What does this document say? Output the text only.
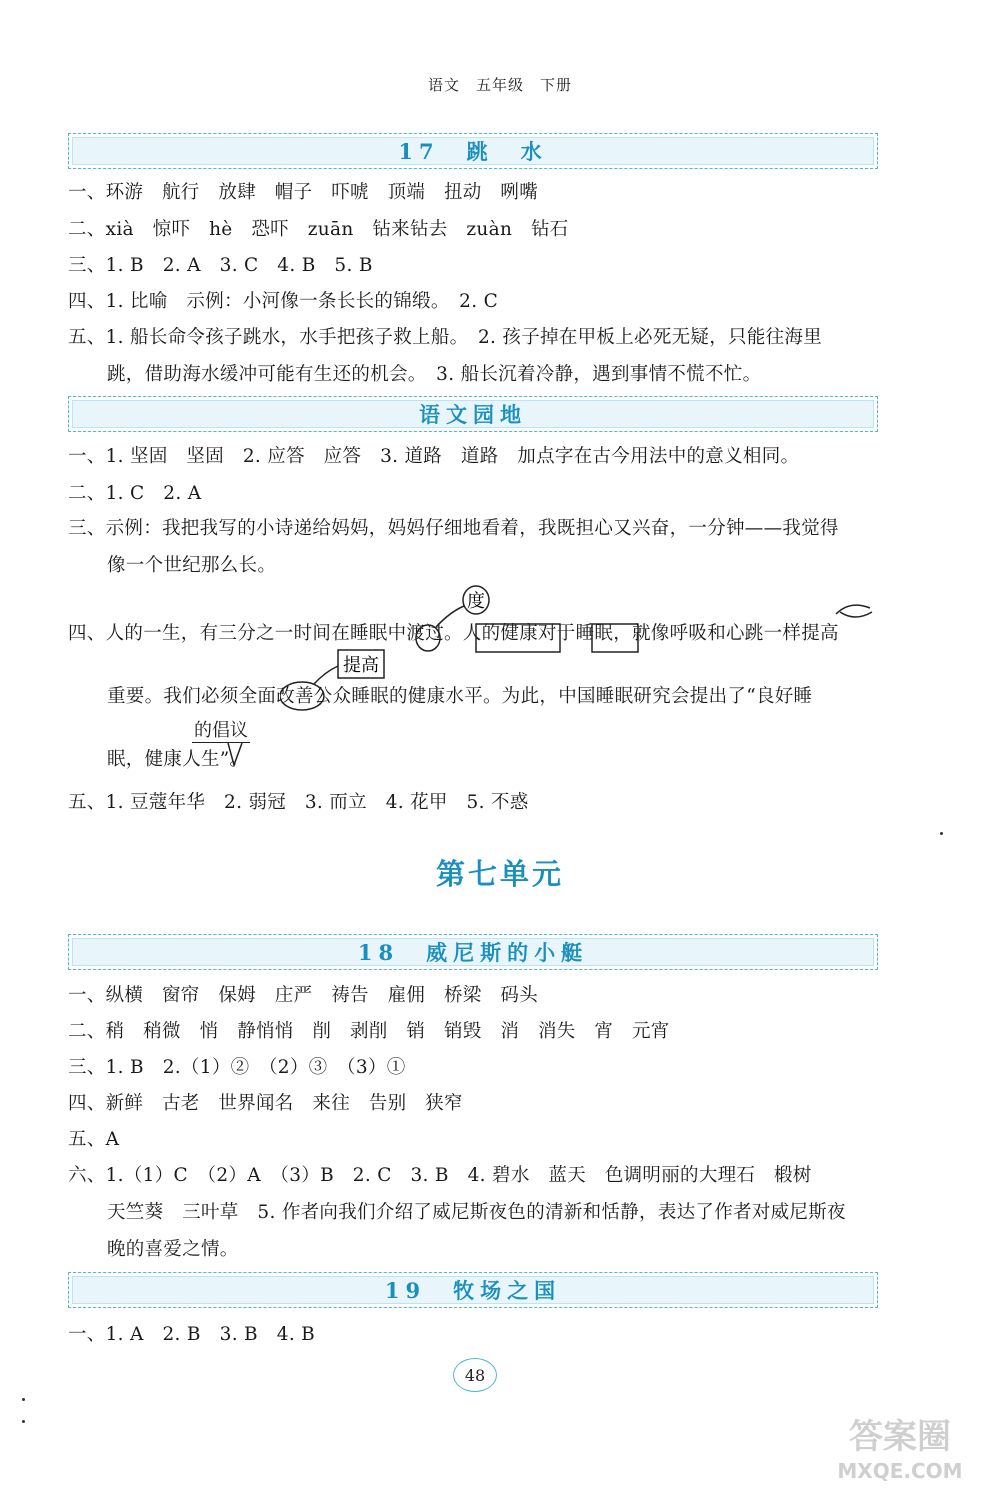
语文　五年级　下册
17　跳　水
一、环游　航行　放肆　帽子　吓唬　顶端　扭动　咧嘴
二、xià　惊吓　hè　恐吓　zuān　钻来钻去　zuàn　钻石
三、1. B　2. A　3. C　4. B　5. B
四、1. 比喻　示例：小河像一条长长的锦缎。　2. C
五、1. 船长命令孩子跳水，水手把孩子救上船。　2. 孩子掉在甲板上必死无疑，只能往海里
跳，借助海水缓冲可能有生还的机会。　3. 船长沉着冷静，遇到事情不慌不忙。
语文园地
一、1. 坚固　坚固　2. 应答　应答　3. 道路　道路　加点字在古今用法中的意义相同。
二、1. C　2. A
三、示例：我把我写的小诗递给妈妈，妈妈仔细地看着，我既担心又兴奋，一分钟——我觉得
像一个世纪那么长。
四、人的一生，有三分之一时间在睡眠中渡过。人的健康对于睡眠，就像呼吸和心跳一样提高
重要。我们必须全面改善公众睡眠的健康水平。为此，中国睡眠研究会提出了“良好睡
眠，健康人生”。
五、1. 豆蔻年华　2. 弱冠　3. 而立　4. 花甲　5. 不惑
度
提高
的倡议
第七单元
18　威尼斯的小艇
一、纵横　窗帘　保姆　庄严　祷告　雇佣　桥梁　码头
二、稍　稍微　悄　静悄悄　削　剥削　销　销毁　消　消失　宵　元宵
三、1. B　2.（1）②　（2）③　（3）①
四、新鲜　古老　世界闻名　来往　告别　狭窄
五、A
六、1.（1）C　（2）A　（3）B　2. C　3. B　4. 碧水　蓝天　色调明丽的大理石　椴树
天竺葵　三叶草　5. 作者向我们介绍了威尼斯夜色的清新和恬静，表达了作者对威尼斯夜
晚的喜爱之情。
19　牧场之国
一、1. A　2. B　3. B　4. B
48
答案圈
MXQE.COM
